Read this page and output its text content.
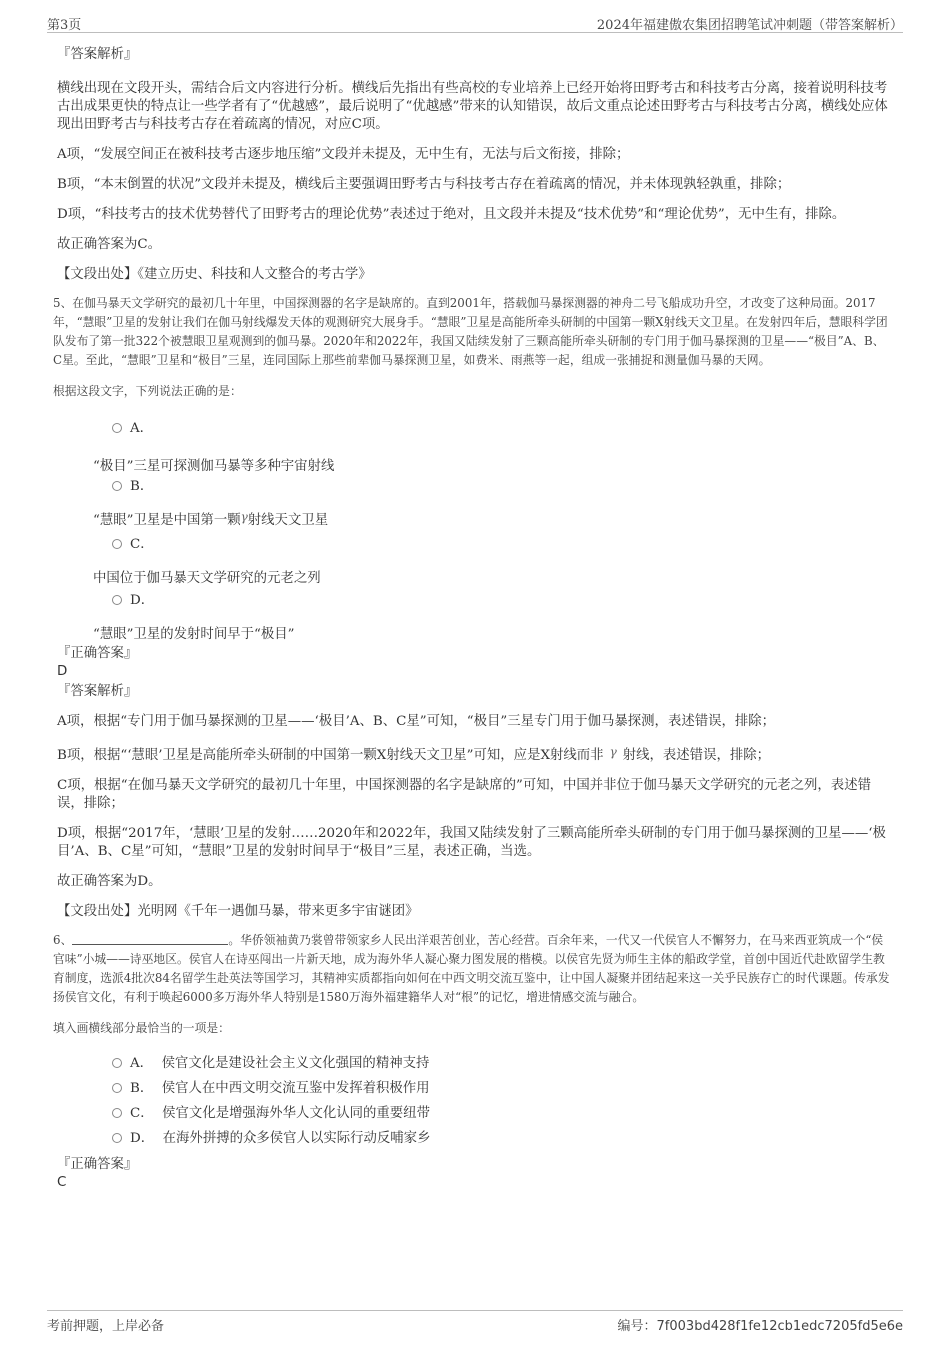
第3页	2024年福建傲农集团招聘笔试冲刺题（带答案解析）

『答案解析』

横线出现在文段开头，需结合后文内容进行分析。横线后先指出有些高校的专业培养上已经开始将田野考古和科技考古分离，接着说明科技考古出成果更快的特点让一些学者有了“优越感”，最后说明了“优越感”带来的认知错误，故后文重点论述田野考古与科技考古分离，横线处应体现出田野考古与科技考古存在着疏离的情况，对应C项。

A项，“发展空间正在被科技考古逐步地压缩”文段并未提及，无中生有，无法与后文衔接，排除；

B项，“本末倒置的状况”文段并未提及，横线后主要强调田野考古与科技考古存在着疏离的情况，并未体现孰轻孰重，排除；

D项，“科技考古的技术优势替代了田野考古的理论优势”表述过于绝对，且文段并未提及“技术优势”和“理论优势”，无中生有，排除。

故正确答案为C。

【文段出处】《建立历史、科技和人文整合的考古学》

5、在伽马暴天文学研究的最初几十年里，中国探测器的名字是缺席的。直到2001年，搭载伽马暴探测器的神舟二号飞船成功升空，才改变了这种局面。2017年，“慧眼”卫星的发射让我们在伽马射线爆发天体的观测研究大展身手。“慧眼”卫星是高能所牵头研制的中国第一颗X射线天文卫星。在发射四年后，慧眼科学团队发布了第一批322个被慧眼卫星观测到的伽马暴。2020年和2022年，我国又陆续发射了三颗高能所牵头研制的专门用于伽马暴探测的卫星——“极目”A、B、C星。至此，“慧眼”卫星和“极目”三星，连同国际上那些前辈伽马暴探测卫星，如费米、雨燕等一起，组成一张捕捉和测量伽马暴的天网。

根据这段文字，下列说法正确的是：

A．
“极目”三星可探测伽马暴等多种宇宙射线
B．
“慧眼”卫星是中国第一颗γ射线天文卫星
C．
中国位于伽马暴天文学研究的元老之列
D．
“慧眼”卫星的发射时间早于“极目”

『正确答案』

D

『答案解析』

A项，根据“专门用于伽马暴探测的卫星——‘极目’A、B、C星”可知，“极目”三星专门用于伽马暴探测，表述错误，排除；

B项，根据“‘慧眼’卫星是高能所牵头研制的中国第一颗X射线天文卫星”可知，应是X射线而非 γ 射线，表述错误，排除；

C项，根据“在伽马暴天文学研究的最初几十年里，中国探测器的名字是缺席的”可知，中国并非位于伽马暴天文学研究的元老之列，表述错误，排除；

D项，根据“2017年，‘慧眼’卫星的发射……2020年和2022年，我国又陆续发射了三颗高能所牵头研制的专门用于伽马暴探测的卫星——‘极目’A、B、C星”可知，“慧眼”卫星的发射时间早于“极目”三星，表述正确，当选。

故正确答案为D。

【文段出处】光明网《千年一遇伽马暴，带来更多宇宙谜团》

6、	。华侨领袖黄乃裳曾带领家乡人民出洋艰苦创业，苦心经营。百余年来，一代又一代侯官人不懈努力，在马来西亚筑成一个“侯官味”小城——诗巫地区。侯官人在诗巫闯出一片新天地，成为海外华人凝心聚力图发展的楷模。以侯官先贤为师生主体的船政学堂，首创中国近代赴欧留学生教育制度，选派4批次84名留学生赴英法等国学习，其精神实质都指向如何在中西文明交流互鉴中，让中国人凝聚并团结起来这一关乎民族存亡的时代课题。传承发扬侯官文化，有利于唤起6000多万海外华人特别是1580万海外福建籍华人对“根”的记忆，增进情感交流与融合。

填入画横线部分最恰当的一项是：

A． 侯官文化是建设社会主义文化强国的精神支持
B． 侯官人在中西文明交流互鉴中发挥着积极作用
C． 侯官文化是增强海外华人文化认同的重要纽带
D． 在海外拼搏的众多侯官人以实际行动反哺家乡

『正确答案』

C

考前押题，上岸必备	编号：7f003bd428f1fe12cb1edc7205fd5e6e
